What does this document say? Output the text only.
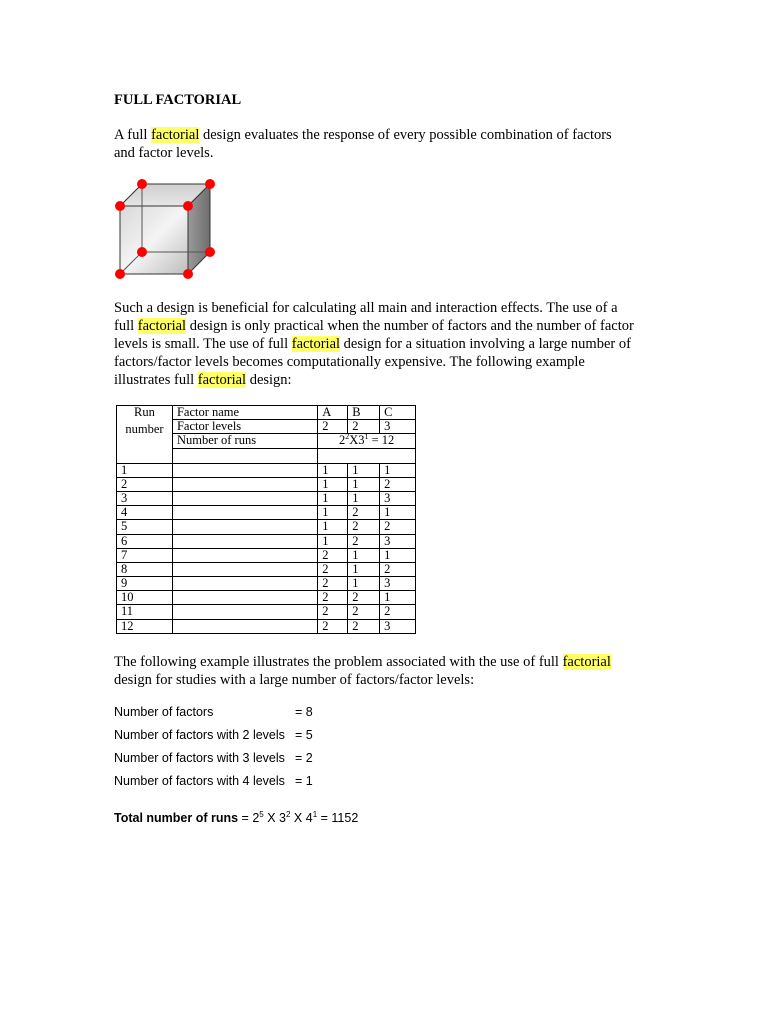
FULL FACTORIAL

A full factorial design evaluates the response of every possible combination of factors
and factor levels.

Such a design is beneficial for calculating all main and interaction effects. The use of a
full factorial design is only practical when the number of factors and the number of factor
levels is small. The use of full factorial design for a situation involving a large number of
factors/factor levels becomes computationally expensive. The following example
illustrates full factorial design:

Run
number	Factor name	A	B	C
	Factor levels	2	2	3
	Number of runs	$2^2X3^1 = 12$		

1		1	1	1
2		1	1	2
3		1	1	3
4		1	2	1
5		1	2	2
6		1	2	3
7		2	1	1
8		2	1	2
9		2	1	3
10		2	2	1
11		2	2	2
12		2	2	3

The following example illustrates the problem associated with the use of full factorial
design for studies with a large number of factors/factor levels:

Number of factors	= 8
Number of factors with 2 levels = 5
Number of factors with 3 levels = 2
Number of factors with 4 levels = 1
Total number of runs = $2^5$ X $3^2$ X $4^1 = 1152$
